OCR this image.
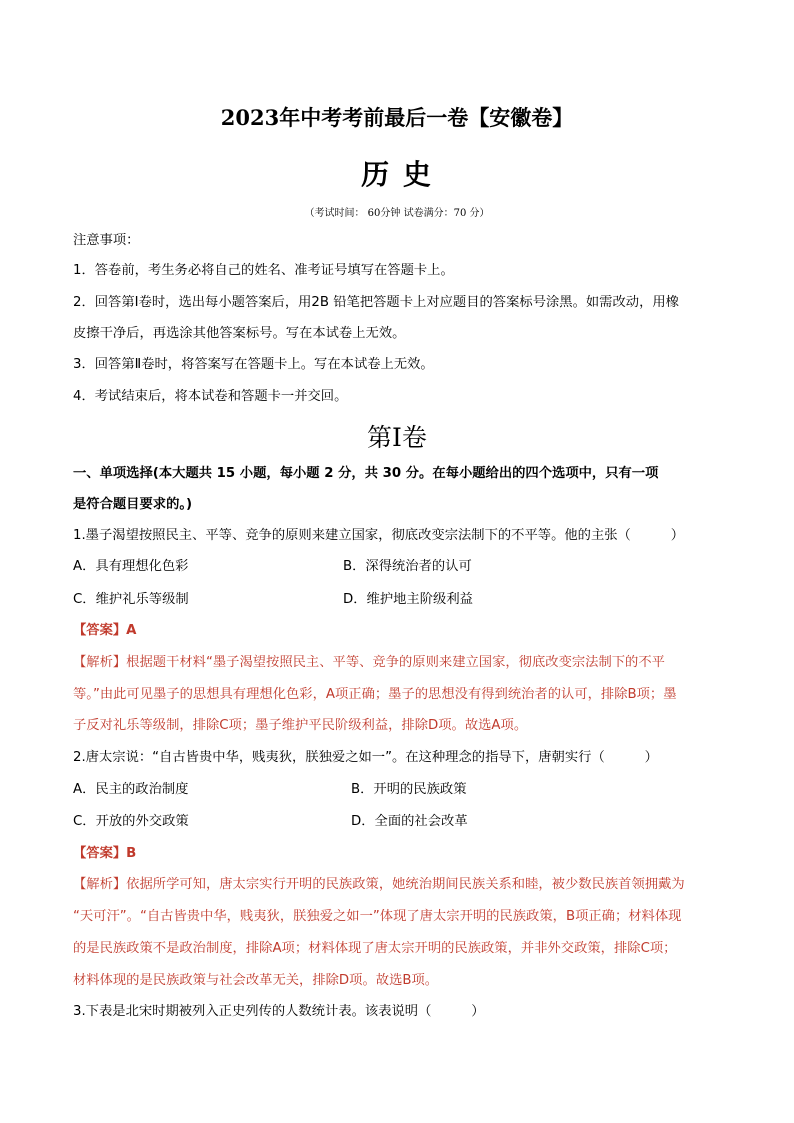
2023年中考考前最后一卷【安徽卷】
历 史
（考试时间： 60分钟 试卷满分：70 分）
注意事项：
1．答卷前，考生务必将自己的姓名、准考证号填写在答题卡上。
2．回答第Ⅰ卷时，选出每小题答案后，用2B 铅笔把答题卡上对应题目的答案标号涂黑。如需改动，用橡
皮擦干净后，再选涂其他答案标号。写在本试卷上无效。
3．回答第Ⅱ卷时，将答案写在答题卡上。写在本试卷上无效。
4．考试结束后，将本试卷和答题卡一并交回。
第Ⅰ卷
一、单项选择(本大题共 15 小题，每小题 2 分，共 30 分。在每小题给出的四个选项中，只有一项
是符合题目要求的。)
1.墨子渴望按照民主、平等、竞争的原则来建立国家，彻底改变宗法制下的不平等。他的主张（　　　）
A．具有理想化色彩	B．深得统治者的认可
C．维护礼乐等级制	D．维护地主阶级利益
【答案】A
【解析】根据题干材料“墨子渴望按照民主、平等、竞争的原则来建立国家，彻底改变宗法制下的不平
等。”由此可见墨子的思想具有理想化色彩，A项正确；墨子的思想没有得到统治者的认可，排除B项；墨
子反对礼乐等级制，排除C项；墨子维护平民阶级利益，排除D项。故选A项。
2.唐太宗说：“自古皆贵中华，贱夷狄，朕独爱之如一”。在这种理念的指导下，唐朝实行（　　　）
A．民主的政治制度	B．开明的民族政策
C．开放的外交政策	D．全面的社会改革
【答案】B
【解析】依据所学可知，唐太宗实行开明的民族政策，她统治期间民族关系和睦，被少数民族首领拥戴为
“天可汗”。“自古皆贵中华，贱夷狄，朕独爱之如一”体现了唐太宗开明的民族政策，B项正确；材料体现
的是民族政策不是政治制度，排除A项；材料体现了唐太宗开明的民族政策，并非外交政策，排除C项；
材料体现的是民族政策与社会改革无关，排除D项。故选B项。
3.下表是北宋时期被列入正史列传的人数统计表。该表说明（　　　）
